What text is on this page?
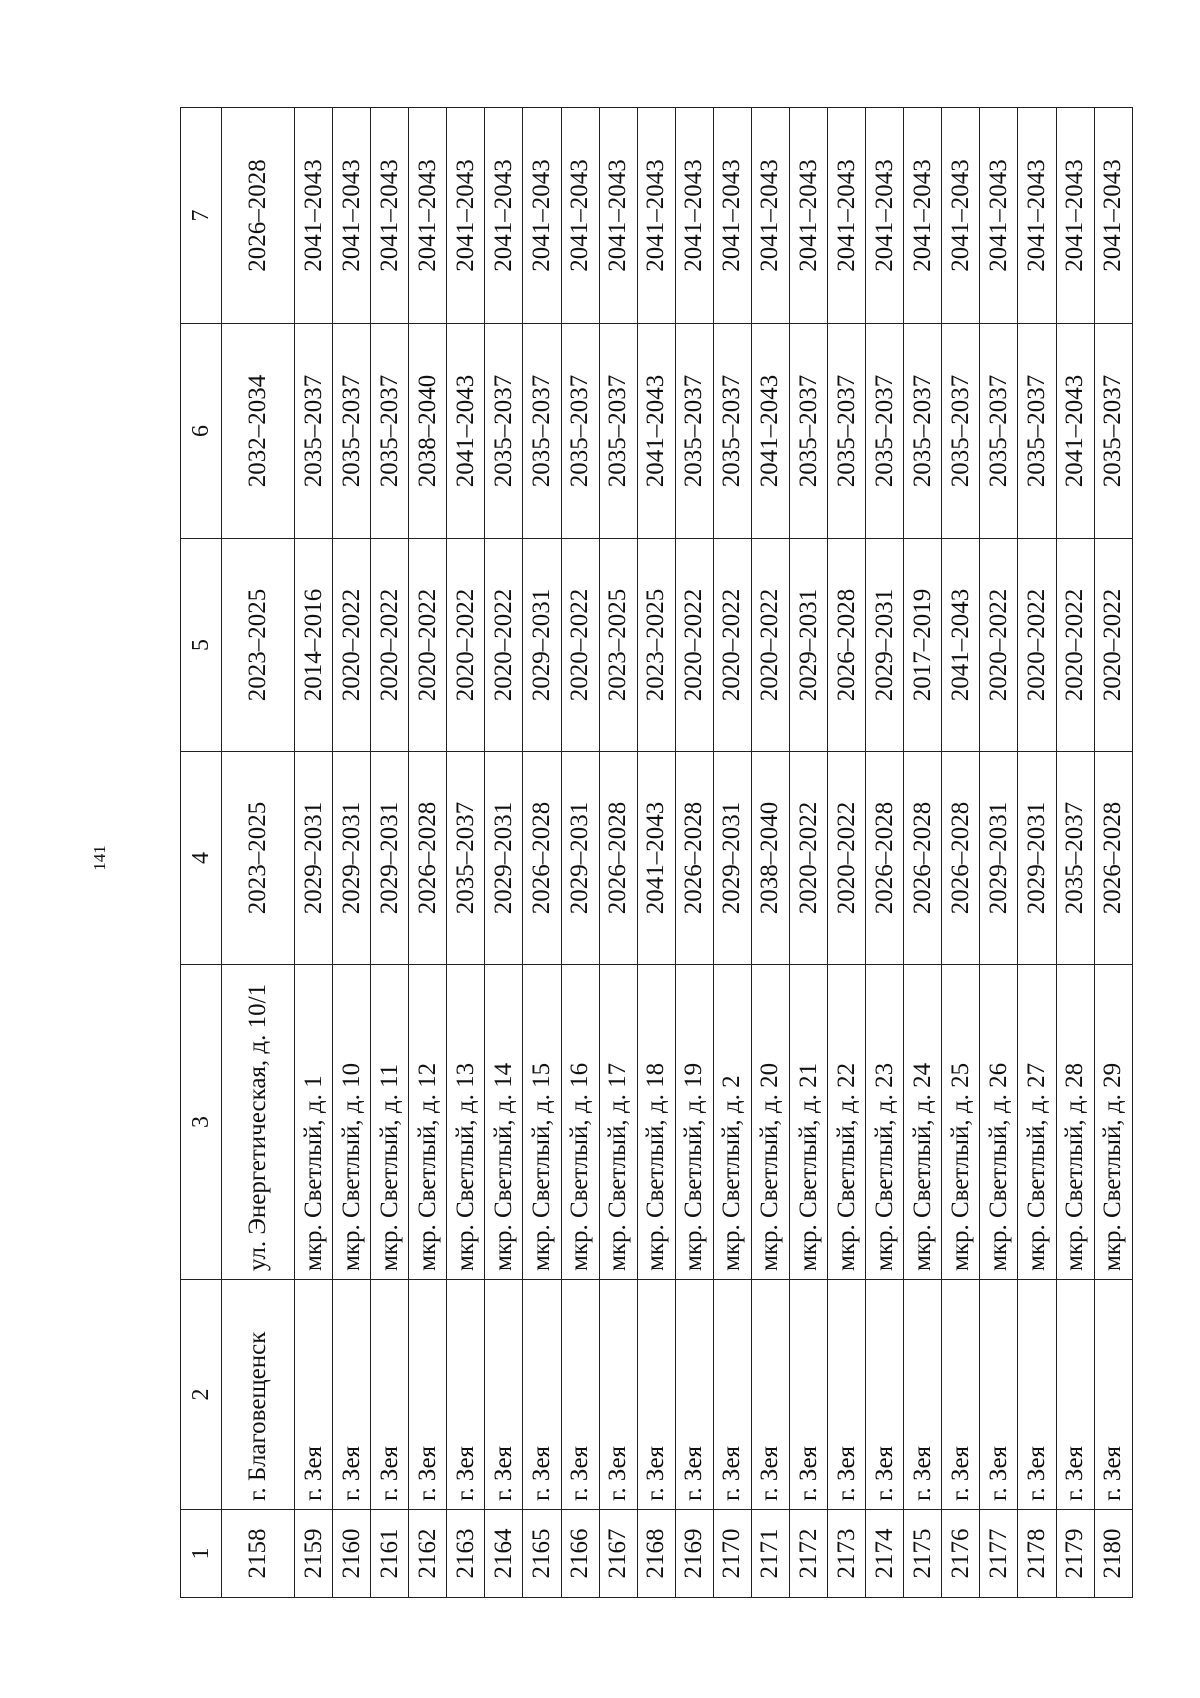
141
1	2	3	4	5	6	7
2158	г. Благовещенск	ул. Энергетическая, д. 10/1	2023–2025	2023–2025	2032–2034	2026–2028
2159	г. Зея	мкр. Светлый, д. 1	2029–2031	2014–2016	2035–2037	2041–2043
2160	г. Зея	мкр. Светлый, д. 10	2029–2031	2020–2022	2035–2037	2041–2043
2161	г. Зея	мкр. Светлый, д. 11	2029–2031	2020–2022	2035–2037	2041–2043
2162	г. Зея	мкр. Светлый, д. 12	2026–2028	2020–2022	2038–2040	2041–2043
2163	г. Зея	мкр. Светлый, д. 13	2035–2037	2020–2022	2041–2043	2041–2043
2164	г. Зея	мкр. Светлый, д. 14	2029–2031	2020–2022	2035–2037	2041–2043
2165	г. Зея	мкр. Светлый, д. 15	2026–2028	2029–2031	2035–2037	2041–2043
2166	г. Зея	мкр. Светлый, д. 16	2029–2031	2020–2022	2035–2037	2041–2043
2167	г. Зея	мкр. Светлый, д. 17	2026–2028	2023–2025	2035–2037	2041–2043
2168	г. Зея	мкр. Светлый, д. 18	2041–2043	2023–2025	2041–2043	2041–2043
2169	г. Зея	мкр. Светлый, д. 19	2026–2028	2020–2022	2035–2037	2041–2043
2170	г. Зея	мкр. Светлый, д. 2	2029–2031	2020–2022	2035–2037	2041–2043
2171	г. Зея	мкр. Светлый, д. 20	2038–2040	2020–2022	2041–2043	2041–2043
2172	г. Зея	мкр. Светлый, д. 21	2020–2022	2029–2031	2035–2037	2041–2043
2173	г. Зея	мкр. Светлый, д. 22	2020–2022	2026–2028	2035–2037	2041–2043
2174	г. Зея	мкр. Светлый, д. 23	2026–2028	2029–2031	2035–2037	2041–2043
2175	г. Зея	мкр. Светлый, д. 24	2026–2028	2017–2019	2035–2037	2041–2043
2176	г. Зея	мкр. Светлый, д. 25	2026–2028	2041–2043	2035–2037	2041–2043
2177	г. Зея	мкр. Светлый, д. 26	2029–2031	2020–2022	2035–2037	2041–2043
2178	г. Зея	мкр. Светлый, д. 27	2029–2031	2020–2022	2035–2037	2041–2043
2179	г. Зея	мкр. Светлый, д. 28	2035–2037	2020–2022	2041–2043	2041–2043
2180	г. Зея	мкр. Светлый, д. 29	2026–2028	2020–2022	2035–2037	2041–2043
